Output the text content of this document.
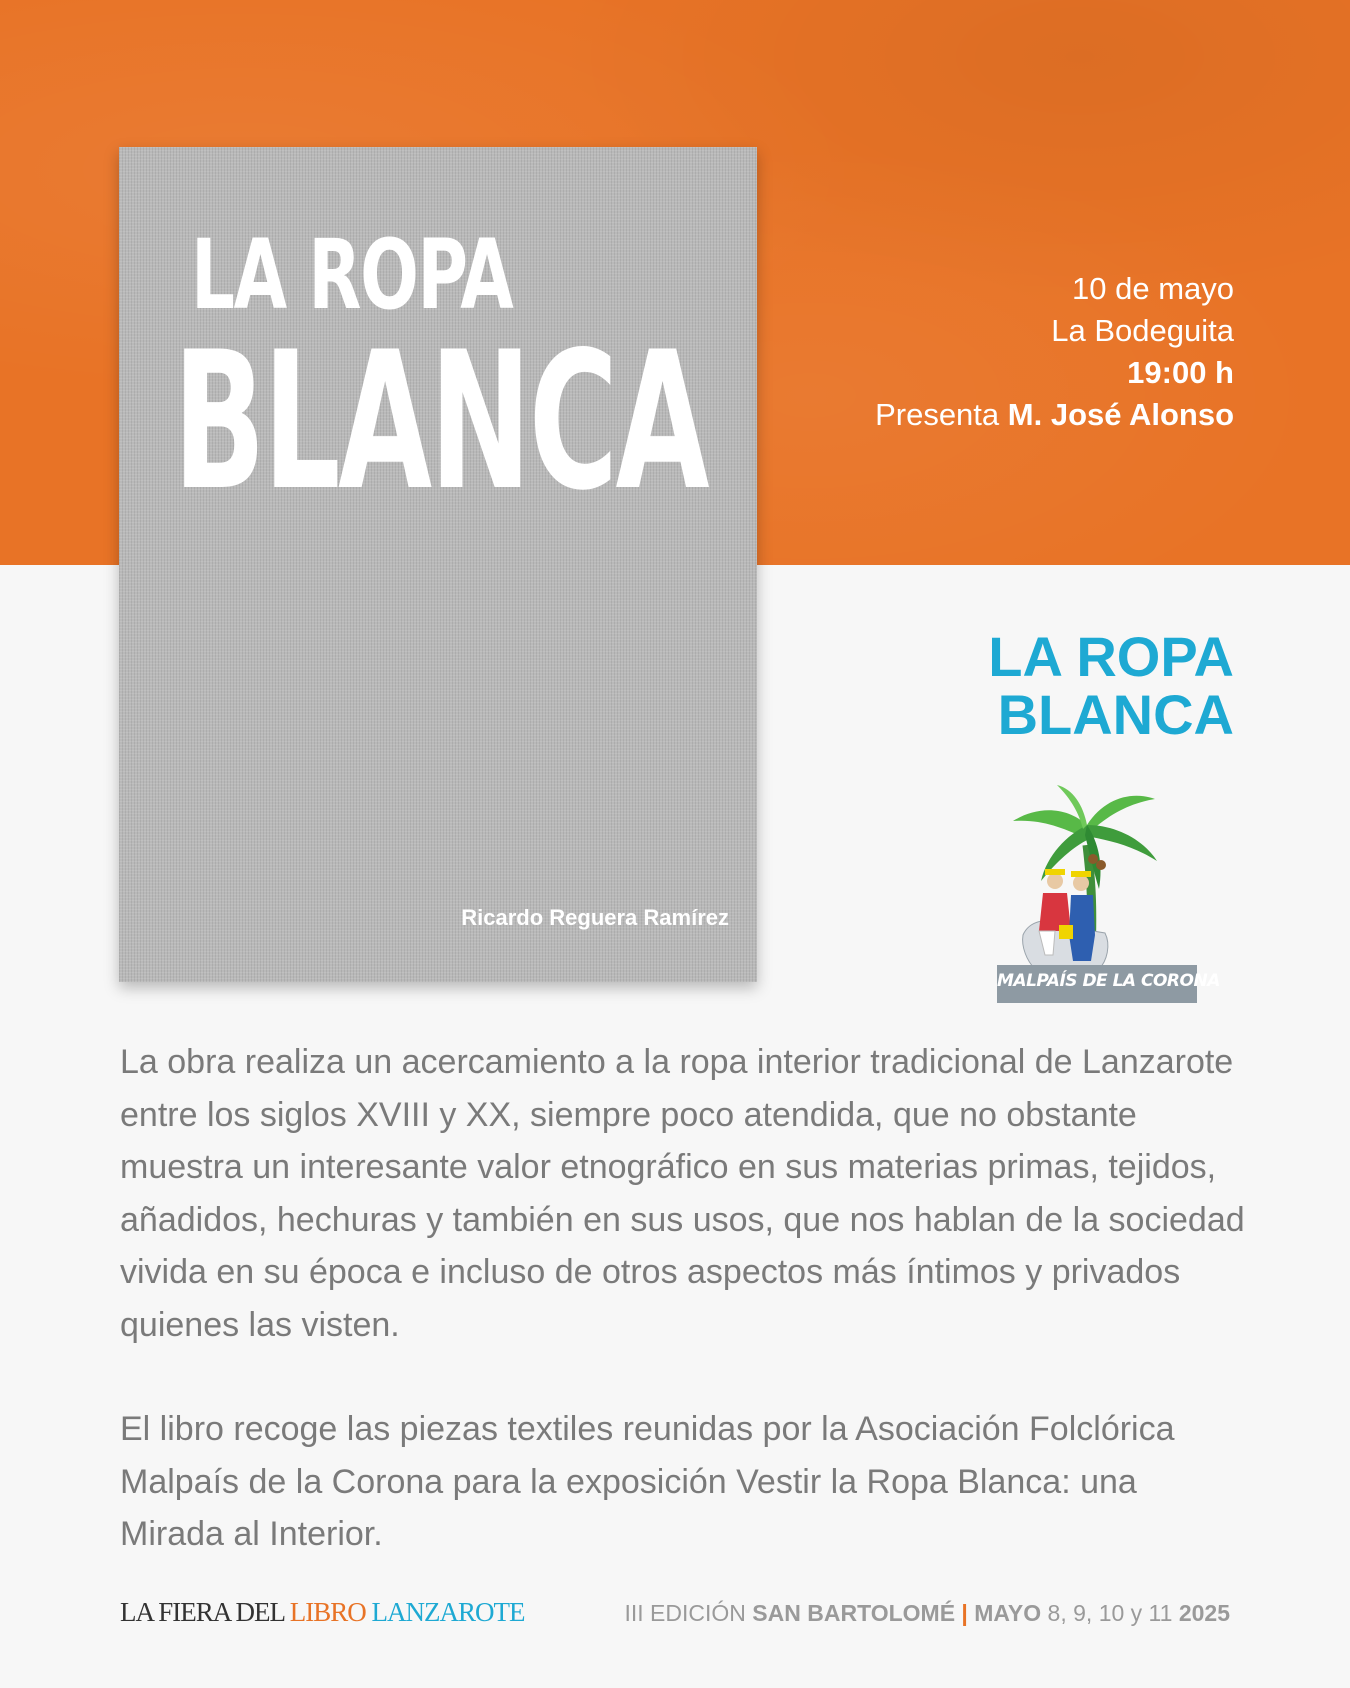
LA ROPA
BLANCA
Ricardo Reguera Ramírez
10 de mayo
La Bodeguita
19:00 h
Presenta M. José Alonso
LA ROPA
BLANCA
MALPAÍS DE LA CORONA

La obra realiza un acercamiento a la ropa interior tradicional de Lanzarote entre los siglos XVIII y XX, siempre poco atendida, que no obstante muestra un interesante valor etnográfico en sus materias primas, tejidos, añadidos, hechuras y también en sus usos, que nos hablan de la sociedad vivida en su época e incluso de otros aspectos más íntimos y privados quienes las visten.

El libro recoge las piezas textiles reunidas por la Asociación Folclórica Malpaís de la Corona para la exposición Vestir la Ropa Blanca: una Mirada al Interior.

LA FIERA DEL LIBRO LANZAROTE	III EDICIÓN SAN BARTOLOMÉ | MAYO 8, 9, 10 y 11 2025
